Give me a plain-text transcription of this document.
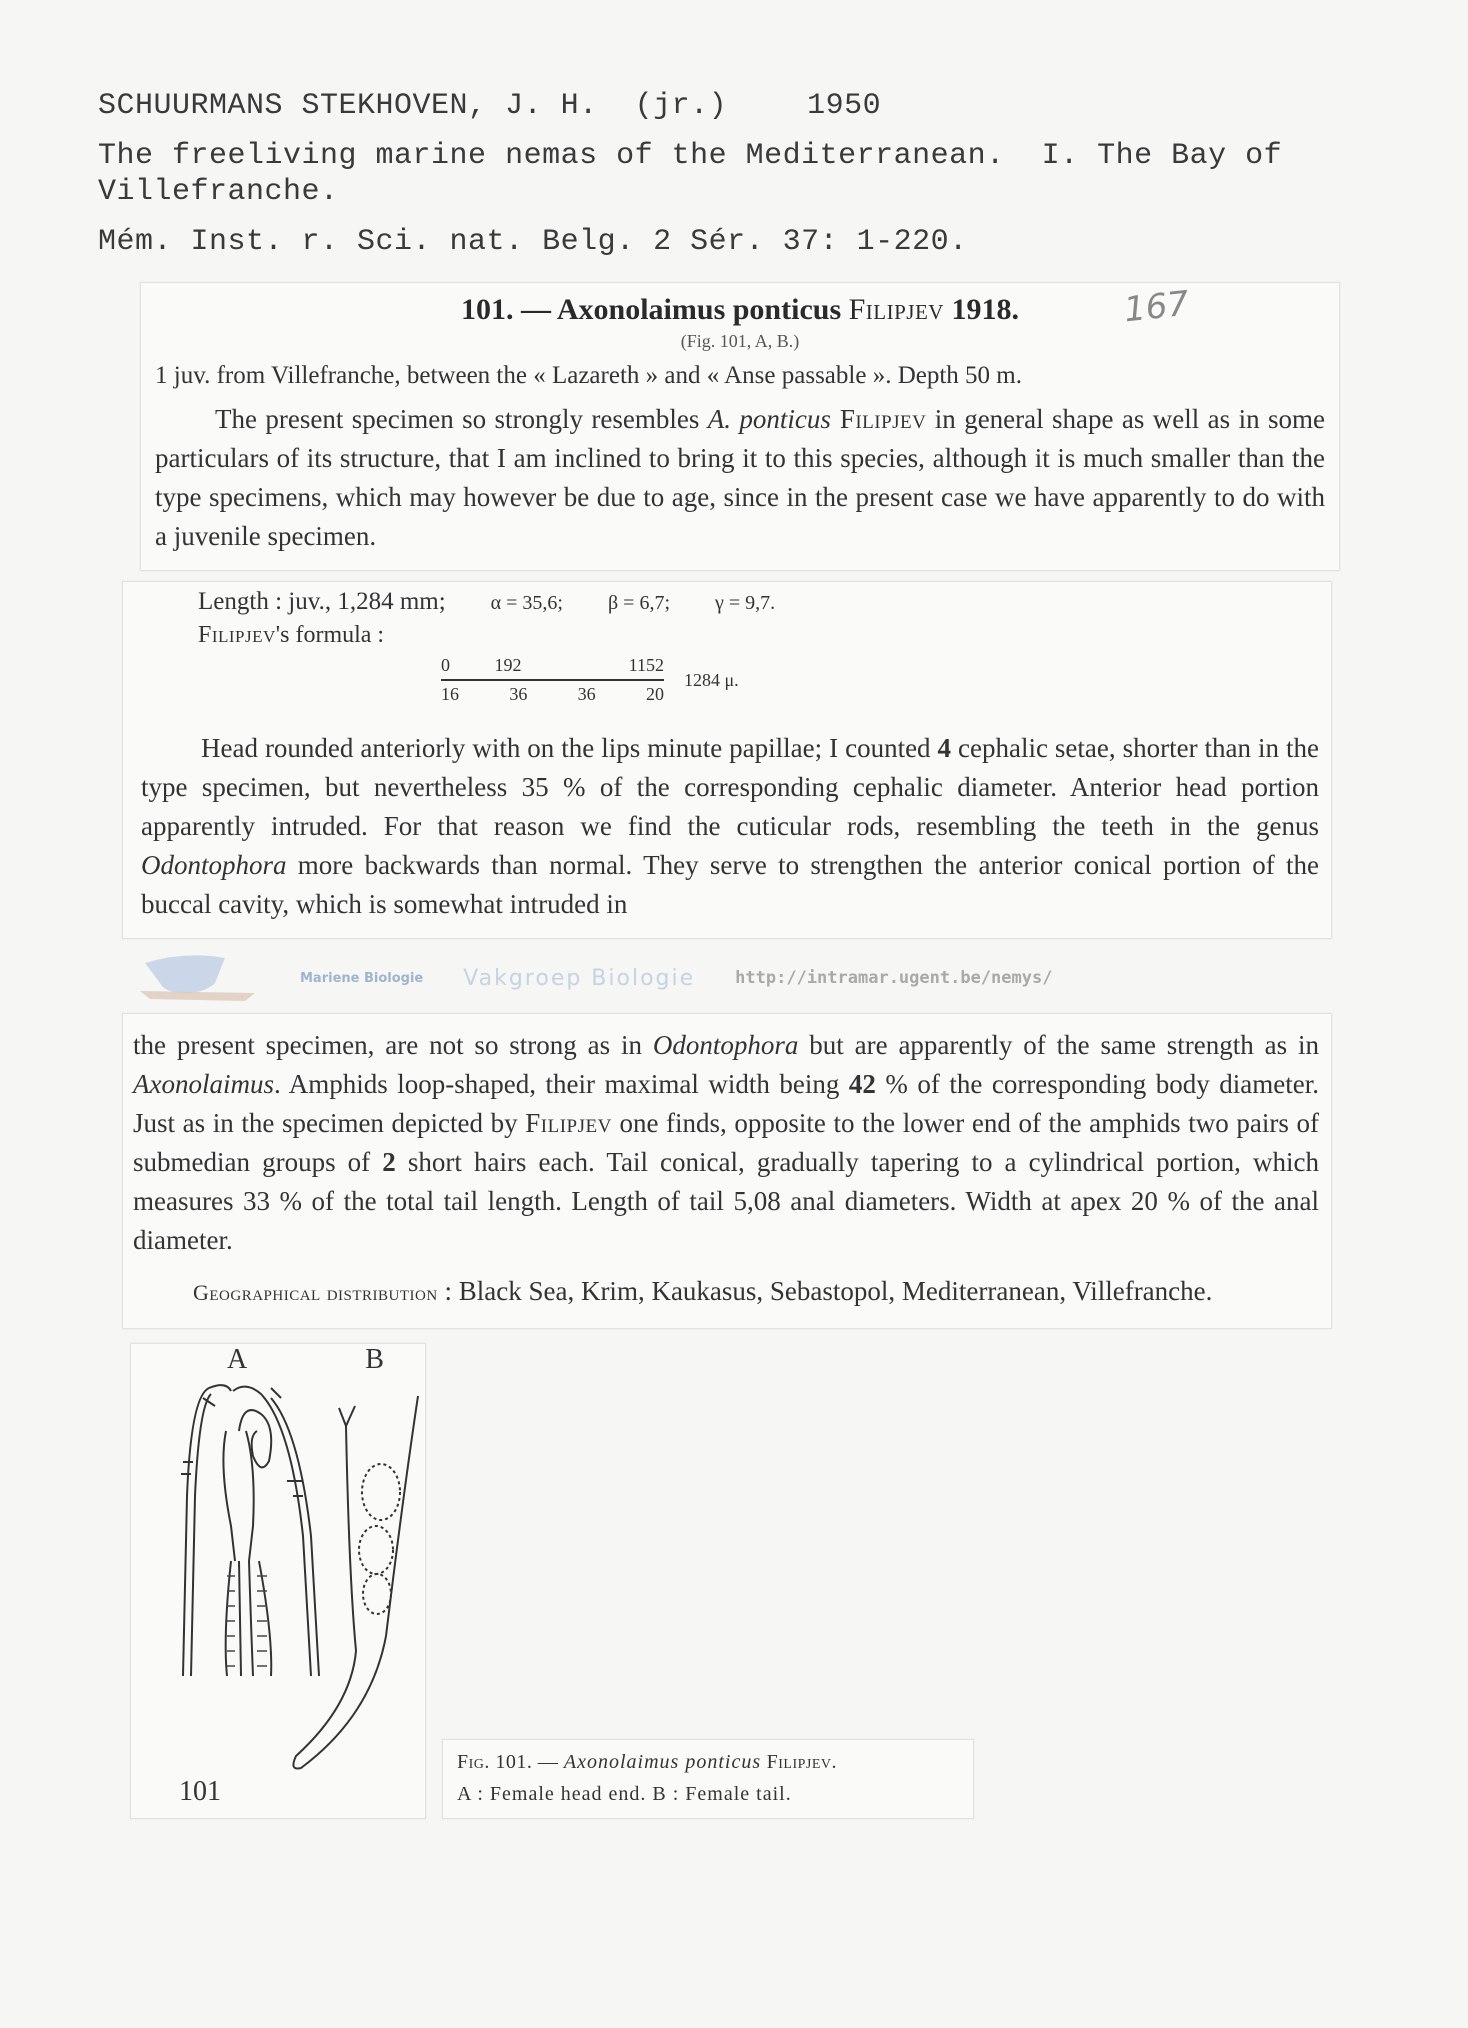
SCHUURMANS STEKHOVEN, J. H.  (jr.)	1950
The freeliving marine nemas of the Mediterranean.  I. The Bay of
Villefranche.
Mém. Inst. r. Sci. nat. Belg. 2 Sér. 37: 1-220.
101. — Axonolaimus ponticus Filipjev 1918.	167
(Fig. 101, A, B.)
1 juv. from Villefranche, between the « Lazareth » and « Anse passable ». Depth 50 m.
The present specimen so strongly resembles A. ponticus Filipjev in general shape as well as in some particulars of its structure, that I am inclined to bring it to this species, although it is much smaller than the type specimens, which may however be due to age, since in the present case we have apparently to do with a juvenile specimen.
Length : juv., 1,284 mm; α = 35,6; β = 6,7; γ = 9,7.
Filipjev's formula :
0 192	1152
16	36	36	20 1284 μ.
Head rounded anteriorly with on the lips minute papillae; I counted 4 cephalic setae, shorter than in the type specimen, but nevertheless 35 % of the corresponding cephalic diameter. Anterior head portion apparently intruded. For that reason we find the cuticular rods, resembling the teeth in the genus Odontophora more backwards than normal. They serve to strengthen the anterior conical portion of the buccal cavity, which is somewhat intruded in
Mariene Biologie Vakgroep Biologie http://intramar.ugent.be/nemys/
the present specimen, are not so strong as in Odontophora but are apparently of the same strength as in Axonolaimus. Amphids loop-shaped, their maximal width being 42 % of the corresponding body diameter. Just as in the specimen depicted by Filipjev one finds, opposite to the lower end of the amphids two pairs of submedian groups of 2 short hairs each. Tail conical, gradually tapering to a cylindrical portion, which measures 33 % of the total tail length. Length of tail 5,08 anal diameters. Width at apex 20 % of the anal diameter.
Geographical distribution : Black Sea, Krim, Kaukasus, Sebastopol, Mediterranean, Villefranche.
A	B
101
Fig. 101. — Axonolaimus ponticus Filipjev.
A : Female head end. B : Female tail.
